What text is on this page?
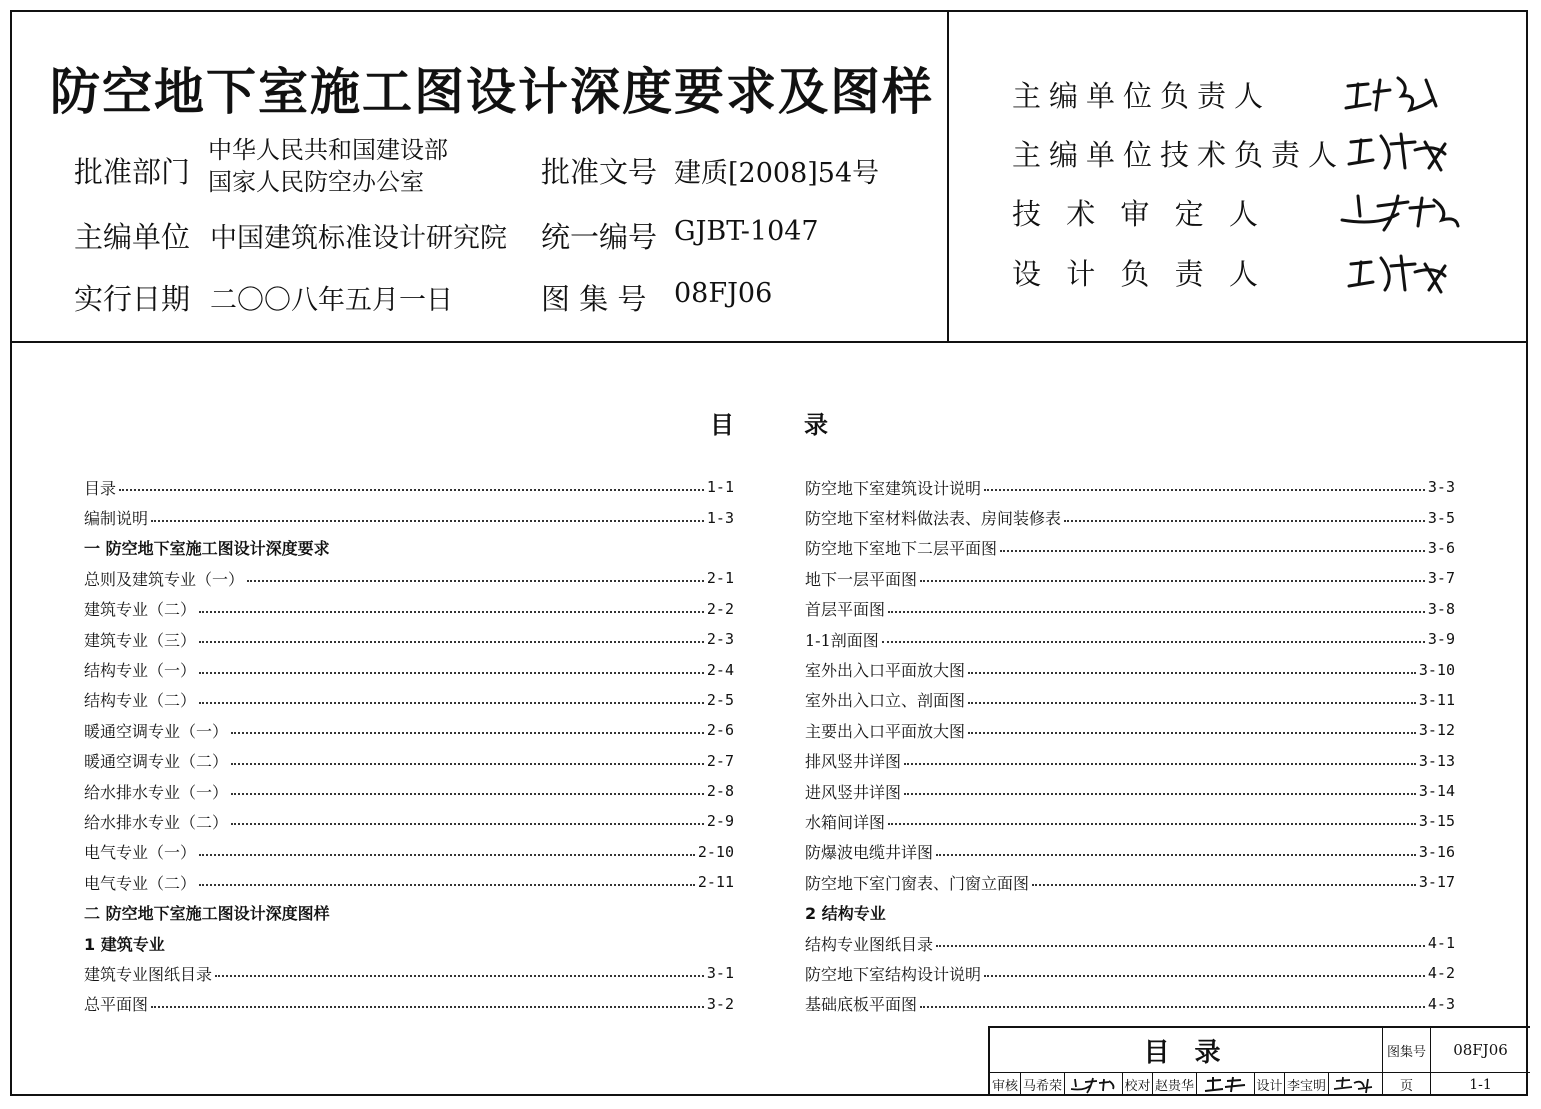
防空地下室施工图设计深度要求及图样
批准部门
中华人民共和国建设部
国家人民防空办公室	批准文号 建质[2008]54号
主编单位 中国建筑标准设计研究院 统一编号 GJBT-1047
实行日期 二〇〇八年五月一日	图 集 号 08FJ06
主编单位负责人
主编单位技术负责人
技 术 审 定 人
设 计 负 责 人
目录
目录	1-1
编制说明	1-3
一 防空地下室施工图设计深度要求
总则及建筑专业（一）	2-1
建筑专业（二）	2-2
建筑专业（三）	2-3
结构专业（一）	2-4
结构专业（二）	2-5
暖通空调专业（一）	2-6
暖通空调专业（二）	2-7
给水排水专业（一）	2-8
给水排水专业（二）	2-9
电气专业（一）	2-10
电气专业（二）	2-11
二 防空地下室施工图设计深度图样
1 建筑专业
建筑专业图纸目录	3-1
总平面图	3-2
防空地下室建筑设计说明	3-3
防空地下室材料做法表、房间装修表	3-5
防空地下室地下二层平面图	3-6
地下一层平面图	3-7
首层平面图	3-8
1-1剖面图	3-9
室外出入口平面放大图	3-10
室外出入口立、剖面图	3-11
主要出入口平面放大图	3-12
排风竖井详图	3-13
进风竖井详图	3-14
水箱间详图	3-15
防爆波电缆井详图	3-16
防空地下室门窗表、门窗立面图	3-17
2 结构专业
结构专业图纸目录	4-1
防空地下室结构设计说明	4-2
基础底板平面图	4-3
目 录	图集号	08FJ06
审核 马希荣	校对 赵贵华	设计 李宝明	页	1-1
